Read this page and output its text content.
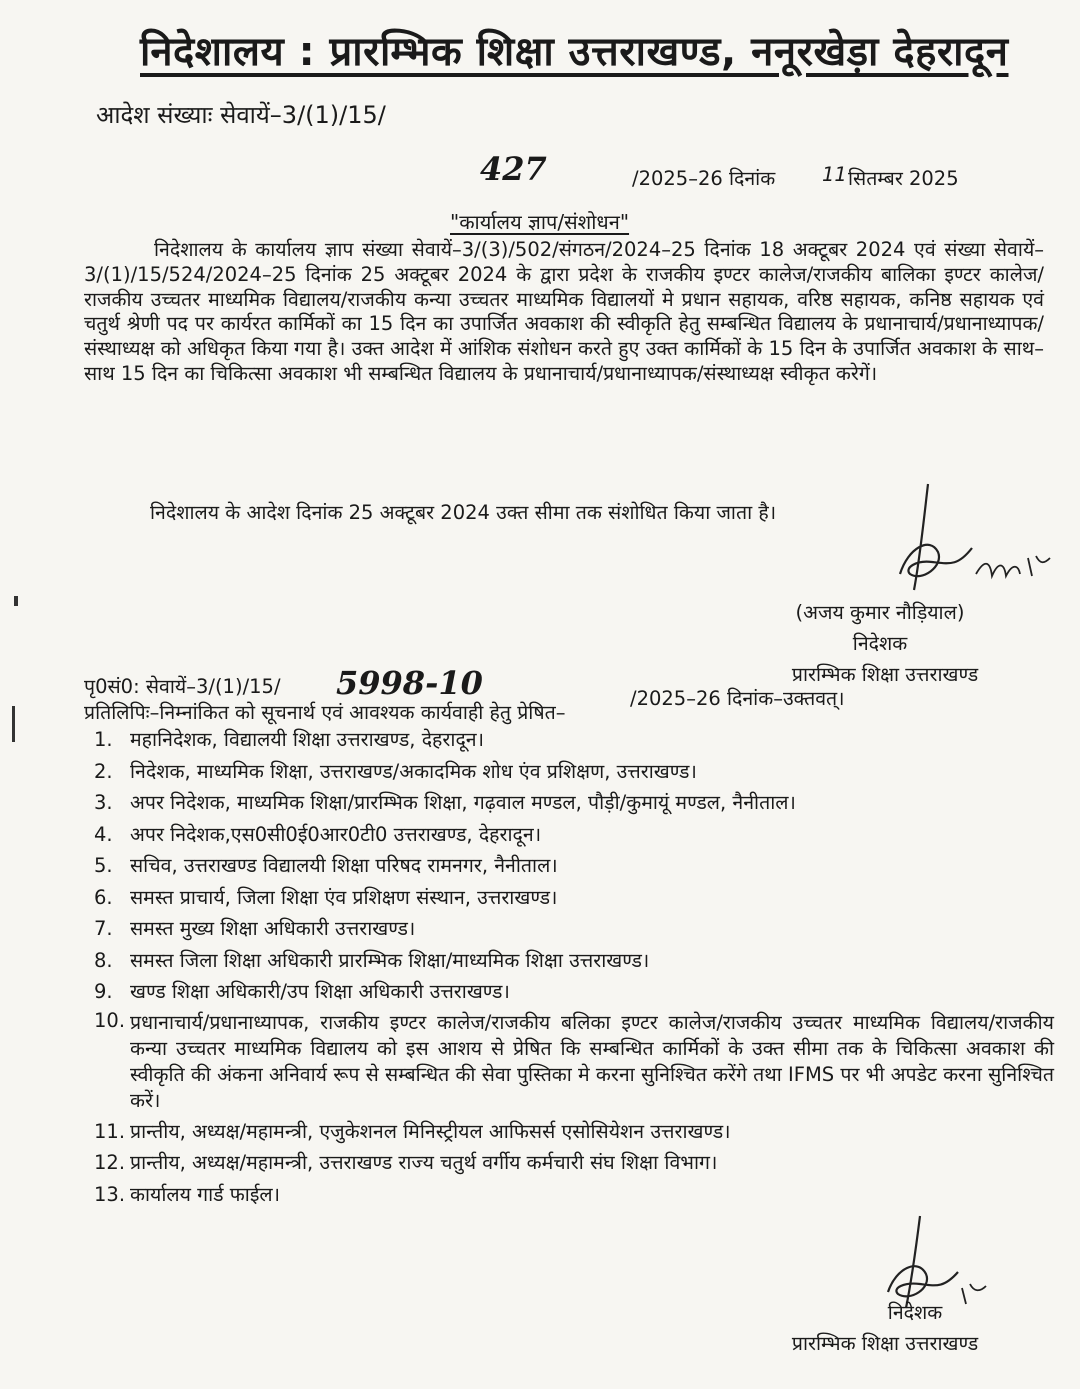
निदेशालय : प्रारम्भिक शिक्षा उत्तराखण्ड, ननूरखेड़ा देहरादून
आदेश संख्याः सेवायें–3/(1)/15/
427	/2025–26 दिनांक 11 सितम्बर 2025
"कार्यालय ज्ञाप/संशोधन"
निदेशालय के कार्यालय ज्ञाप संख्या सेवायें–3/(3)/502/संगठन/2024–25 दिनांक 18 अक्टूबर 2024 एवं संख्या सेवायें–3/(1)/15/524/2024–25 दिनांक 25 अक्टूबर 2024 के द्वारा प्रदेश के राजकीय इण्टर कालेज/राजकीय बालिका इण्टर कालेज/राजकीय उच्चतर माध्यमिक विद्यालय/राजकीय कन्या उच्चतर माध्यमिक विद्यालयों मे प्रधान सहायक, वरिष्ठ सहायक, कनिष्ठ सहायक एवं चतुर्थ श्रेणी पद पर कार्यरत कार्मिकों का 15 दिन का उपार्जित अवकाश की स्वीकृति हेतु सम्बन्धित विद्यालय के प्रधानाचार्य/प्रधानाध्यापक/संस्थाध्यक्ष को अधिकृत किया गया है। उक्त आदेश में आंशिक संशोधन करते हुए उक्त कार्मिकों के 15 दिन के उपार्जित अवकाश के साथ–साथ 15 दिन का चिकित्सा अवकाश भी सम्बन्धित विद्यालय के प्रधानाचार्य/प्रधानाध्यापक/संस्थाध्यक्ष स्वीकृत करेगें।
निदेशालय के आदेश दिनांक 25 अक्टूबर 2024 उक्त सीमा तक संशोधित किया जाता है।
(अजय कुमार नौड़ियाल)
निदेशक
प्रारम्भिक शिक्षा उत्तराखण्ड
पृ0सं0: सेवायें–3/(1)/15/ 5998-10	/2025–26 दिनांक–उक्तवत्।
प्रतिलिपिः–निम्नांकित को सूचनार्थ एवं आवश्यक कार्यवाही हेतु प्रेषित–
1. महानिदेशक, विद्यालयी शिक्षा उत्तराखण्ड, देहरादून।
2. निदेशक, माध्यमिक शिक्षा, उत्तराखण्ड/अकादमिक शोध एंव प्रशिक्षण, उत्तराखण्ड।
3. अपर निदेशक, माध्यमिक शिक्षा/प्रारम्भिक शिक्षा, गढ़वाल मण्डल, पौड़ी/कुमायूं मण्डल, नैनीताल।
4. अपर निदेशक,एस0सी0ई0आर0टी0 उत्तराखण्ड, देहरादून।
5. सचिव, उत्तराखण्ड विद्यालयी शिक्षा परिषद रामनगर, नैनीताल।
6. समस्त प्राचार्य, जिला शिक्षा एंव प्रशिक्षण संस्थान, उत्तराखण्ड।
7. समस्त मुख्य शिक्षा अधिकारी उत्तराखण्ड।
8. समस्त जिला शिक्षा अधिकारी प्रारम्भिक शिक्षा/माध्यमिक शिक्षा उत्तराखण्ड।
9. खण्ड शिक्षा अधिकारी/उप शिक्षा अधिकारी उत्तराखण्ड।
10. प्रधानाचार्य/प्रधानाध्यापक, राजकीय इण्टर कालेज/राजकीय बलिका इण्टर कालेज/राजकीय उच्चतर माध्यमिक विद्यालय/राजकीय कन्या उच्चतर माध्यमिक विद्यालय को इस आशय से प्रेषित कि सम्बन्धित कार्मिकों के उक्त सीमा तक के चिकित्सा अवकाश की स्वीकृति की अंकना अनिवार्य रूप से सम्बन्धित की सेवा पुस्तिका मे करना सुनिश्चित करेंगे तथा IFMS पर भी अपडेट करना सुनिश्चित करें।
11. प्रान्तीय, अध्यक्ष/महामन्त्री, एजुकेशनल मिनिस्ट्रीयल आफिसर्स एसोसियेशन उत्तराखण्ड।
12. प्रान्तीय, अध्यक्ष/महामन्त्री, उत्तराखण्ड राज्य चतुर्थ वर्गीय कर्मचारी संघ शिक्षा विभाग।
13. कार्यालय गार्ड फाईल।
निदेशक
प्रारम्भिक शिक्षा उत्तराखण्ड
